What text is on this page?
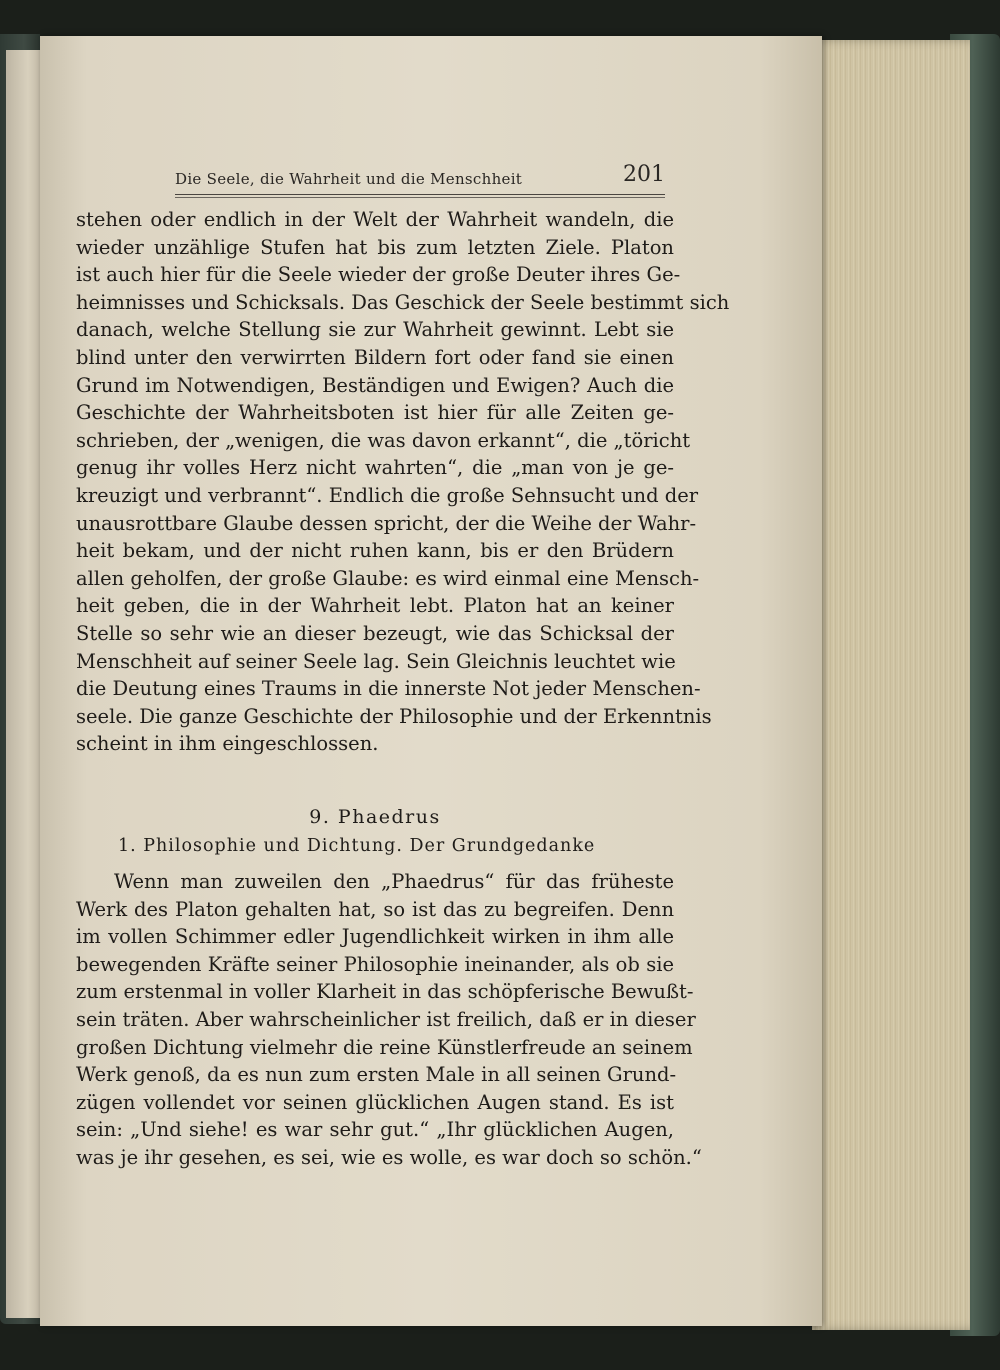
Die Seele, die Wahrheit und die Menschheit	201
stehen oder endlich in der Welt der Wahrheit wandeln, die
wieder unzählige Stufen hat bis zum letzten Ziele. Platon
ist auch hier für die Seele wieder der große Deuter ihres Ge-
heimnisses und Schicksals. Das Geschick der Seele bestimmt sich
danach, welche Stellung sie zur Wahrheit gewinnt. Lebt sie
blind unter den verwirrten Bildern fort oder fand sie einen
Grund im Notwendigen, Beständigen und Ewigen? Auch die
Geschichte der Wahrheitsboten ist hier für alle Zeiten ge-
schrieben, der „wenigen, die was davon erkannt“, die „töricht
genug ihr volles Herz nicht wahrten“, die „man von je ge-
kreuzigt und verbrannt“. Endlich die große Sehnsucht und der
unausrottbare Glaube dessen spricht, der die Weihe der Wahr-
heit bekam, und der nicht ruhen kann, bis er den Brüdern
allen geholfen, der große Glaube: es wird einmal eine Mensch-
heit geben, die in der Wahrheit lebt. Platon hat an keiner
Stelle so sehr wie an dieser bezeugt, wie das Schicksal der
Menschheit auf seiner Seele lag. Sein Gleichnis leuchtet wie
die Deutung eines Traums in die innerste Not jeder Menschen-
seele. Die ganze Geschichte der Philosophie und der Erkenntnis
scheint in ihm eingeschlossen.
9. Phaedrus
1. Philosophie und Dichtung. Der Grundgedanke
Wenn man zuweilen den „Phaedrus“ für das früheste
Werk des Platon gehalten hat, so ist das zu begreifen. Denn
im vollen Schimmer edler Jugendlichkeit wirken in ihm alle
bewegenden Kräfte seiner Philosophie ineinander, als ob sie
zum erstenmal in voller Klarheit in das schöpferische Bewußt-
sein träten. Aber wahrscheinlicher ist freilich, daß er in dieser
großen Dichtung vielmehr die reine Künstlerfreude an seinem
Werk genoß, da es nun zum ersten Male in all seinen Grund-
zügen vollendet vor seinen glücklichen Augen stand. Es ist
sein: „Und siehe! es war sehr gut.“ „Ihr glücklichen Augen,
was je ihr gesehen, es sei, wie es wolle, es war doch so schön.“
